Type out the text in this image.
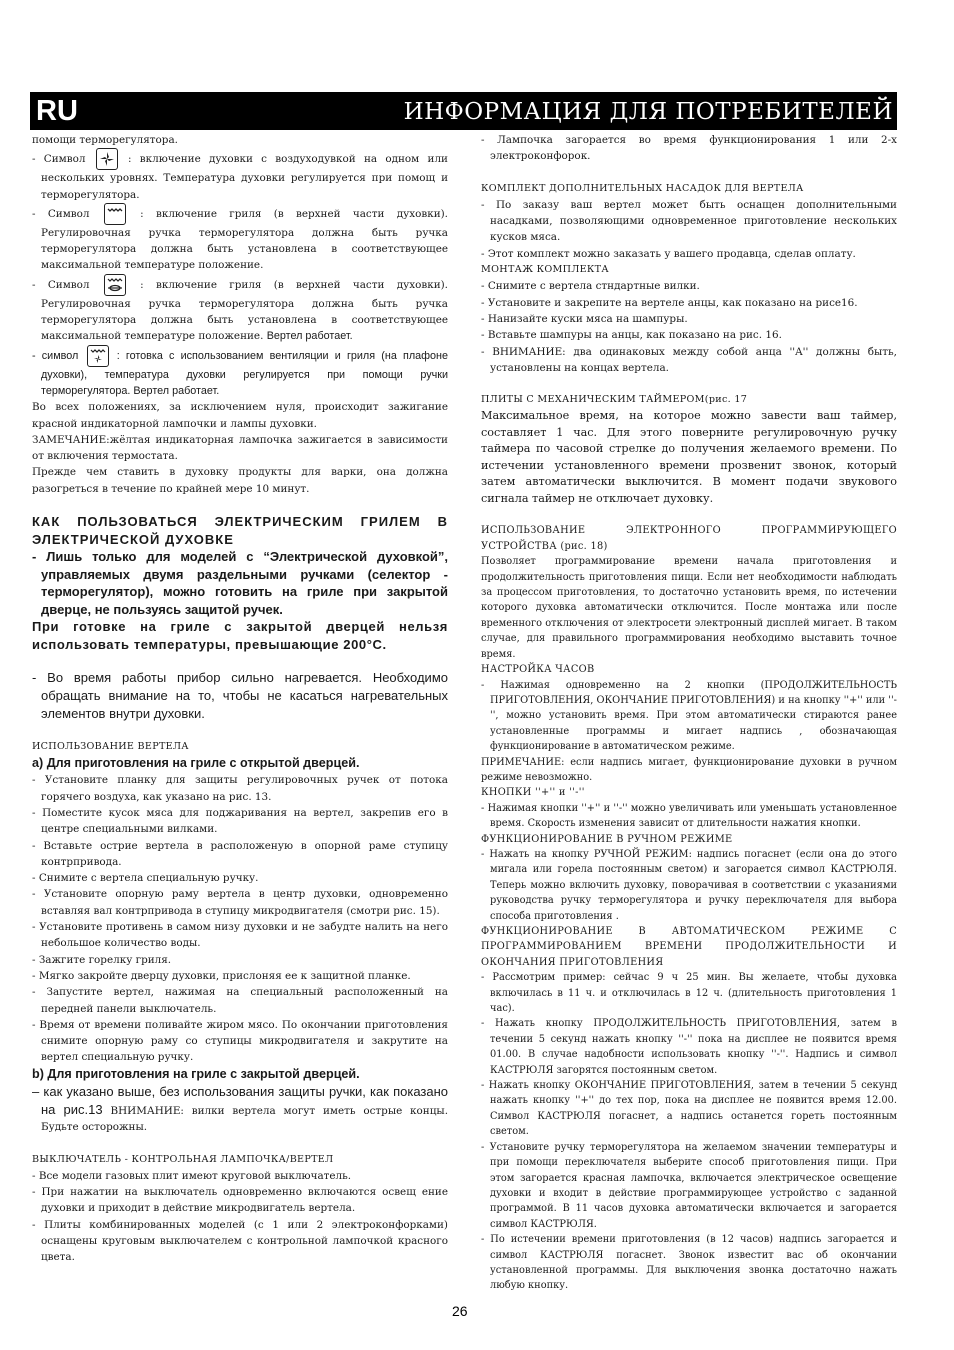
RU	ИНФОРМАЦИЯ ДЛЯ ПОТРЕБИТЕЛЕЙ

помощи терморегулятора.

- Символ	: включение духовки с воздуходувкой на одном или нескольких уровнях. Температура духовки регулируется при помощ и терморегулятора.

- Символ	: включение гриля (в верхней части духовки). Регулировочная ручка терморегулятора должна быть ручка терморегулятора должна быть установлена в соответствующее максимальной температуре положение.

- Символ	: включение гриля (в верхней части духовки). Регулировочная ручка терморегулятора должна быть ручка терморегулятора должна быть установлена в соответствующее максимальной температуре положение. Вертел работает.

- символ	: готовка с использованием вентиляции и гриля (на плафоне духовки), температура духовки регулируется при помощи ручки терморегулятора. Вертел работает.

Во всех положениях, за исключением нуля, происходит зажигание красной индикаторной лампочки и лампы духовки.

ЗАМЕЧАНИЕ:жёлтая индикаторная лампочка зажигается в зависимости от включения термостата.

Прежде чем ставить в духовку продукты для варки, она должна разогреться в течение по крайней мере 10 минут.

КАК ПОЛЬЗОВАТЬСЯ ЭЛЕКТРИЧЕСКИМ ГРИЛЕМ В ЭЛЕКТРИЧЕСКОЙ ДУХОВКЕ

- Лишь только для моделей с “Электрической духовкой”, управляемых двумя раздельными ручками (селектор - терморегулятор), можно готовить на гриле при закрытой дверце, не пользуясь защитой ручек.

При готовке на гриле с закрытой дверцей нельзя использовать температуры, превышающие 200°C.

- Во время работы прибор сильно нагревается. Необходимо обращать внимание на то, чтобы не касаться нагревательных элементов внутри духовки.

ИСПОЛЬЗОВАНИЕ ВЕРТЕЛА

a) Для приготовления на гриле с открытой дверцей.

- Установите планку для защиты регулировочных ручек от потока горячего воздуха, как указано на рис. 13.

- Поместите кусок мяса для поджаривания на вертел, закрепив его в центре специальными вилками.

- Вставьте острие вертела в расположеную в опорной раме ступицу контрпривода.

- Снимите с вертела специальную ручку.

- Установите опорную раму вертела в центр духовки, одновременно вставляя вал контрпривода в ступицу микродвигателя (смотри рис. 15).

- Установите противень в самом низу духовки и не забудте налить на него небольшое количество воды.

- Зажгите горелку гриля.

- Мягко закройте дверцу духовки, прислоняя ее к защитной планке.

- Запустите вертел, нажимая на специальный расположенный на передней панели выключатель.

- Время от времени поливайте жиром мясо. По окончании приготовления снимите опорную раму со ступицы микродвигателя и закрутите на вертел специальную ручку.

b) Для приготовления на гриле с закрытой дверцей.

– как указано выше, без использования защиты ручки, как показано на рис.13 ВНИМАНИЕ: вилки вертела могут иметь острые концы. Будьте осторожны.

ВЫКЛЮЧАТЕЛЬ - КОНТРОЛЬНАЯ ЛАМПОЧКА/ВЕРТЕЛ

- Все модели газовых плит имеют круговой выключатель.

- При нажатии на выключатель одновременно включаются освещ ение духовки и приходит в действие микродвигатель вертела.

- Плиты комбинированных моделей (с 1 или 2 электроконфорками) оснащены круговым выключателем с контрольной лампочкой красного цвета.

- Лампочка загорается во время функционирования 1 или 2-х электроконфорок.

КОМПЛЕКТ ДОПОЛНИТЕЛЬНЫХ НАСАДОК ДЛЯ ВЕРТЕЛА

- По заказу ваш вертел может быть оснащен дополнительными насадками, позволяющими одновременное приготовление нескольких кусков мяса.

- Этот комплект можно заказать у вашего продавца, сделав оплату.

МОНТАЖ КОМПЛЕКТА

- Снимите с вертела стндартные вилки.

- Установите и закрепите на вертеле анцы, как показано на рисе16.

- Нанизайте куски мяса на шампуры.

- Вставьте шампуры на анцы, как показано на рис. 16.

- ВНИМАНИЕ: два одинаковых между собой анца ''A'' должны быть, установлены на концах вертела.

ПЛИТЫ С МЕХАНИЧЕСКИМ ТАЙМЕРОМ(рис. 17

Максимальное время, на которое можно завести ваш таймер, составляет 1 час. Для этого поверните регулировочную ручку таймера по часовой стрелке до получения желаемого времени. По истечении установленного времени прозвенит звонок, который затем автоматически выключится. В момент подачи звукового сигнала таймер не отключает духовку.

ИСПОЛЬЗОВАНИЕ ЭЛЕКТРОННОГО ПРОГРАММИРУЮЩЕГО УСТРОЙСТВА (рис. 18)

Позволяет программирование времени начала приготовления и продолжительность приготовления пищи. Если нет необходимости наблюдать за процессом приготовления, то достаточно установить время, по истечении которого духовка автоматически отключится. После монтажа или после временного отключения от электросети электронный дисплей мигает. В таком случае, для правильного программирования необходимо выставить точное время.

НАСТРОЙКА ЧАСОВ

- Нажимая одновременно на 2 кнопки (ПРОДОЛЖИТЕЛЬНОСТЬ ПРИГОТОВЛЕНИЯ, ОКОНЧАНИЕ ПРИГОТОВЛЕНИЯ) и на кнопку ''+'' или ''-'', можно установить время. При этом автоматически стираются ранее установленные программы и мигает надпись , обозначающая функционирование в автоматическом режиме.

ПРИМЕЧАНИЕ: если надпись мигает, функционирование духовки в ручном режиме невозможно.

КНОПКИ ''+'' и ''-''

- Нажимая кнопки ''+'' и ''-'' можно увеличивать или уменьшать установленное время. Скорость изменения зависит от длительности нажатия кнопки.

ФУНКЦИОНИРОВАНИЕ В РУЧНОМ РЕЖИМЕ

- Нажать на кнопку РУЧНОЙ РЕЖИМ: надпись погаснет (если она до этого мигала или горела постоянным светом) и загорается символ КАСТРЮЛЯ. Теперь можно включить духовку, поворачивая в соответствии с указаниями руководства ручку терморегулятора и ручку переключателя для выбора способа приготовления .

ФУНКЦИОНИРОВАНИЕ В АВТОМАТИЧЕСКОМ РЕЖИМЕ С ПРОГРАММИРОВАНИЕМ ВРЕМЕНИ ПРОДОЛЖИТЕЛЬНОСТИ И ОКОНЧАНИЯ ПРИГОТОВЛЕНИЯ

- Рассмотрим пример: сейчас 9 ч 25 мин. Вы желаете, чтобы духовка включилась в 11 ч. и отключилась в 12 ч. (длительность приготовления 1 час).

- Нажать кнопку ПРОДОЛЖИТЕЛЬНОСТЬ ПРИГОТОВЛЕНИЯ, затем в течении 5 секунд нажать кнопку ''-'' пока на дисплее не появится время 01.00. В случае надобности использовать кнопку ''-''. Надпись и символ КАСТРЮЛЯ загорятся постоянным светом.

- Нажать кнопку ОКОНЧАНИЕ ПРИГОТОВЛЕНИЯ, затем в течении 5 секунд нажать кнопку ''+'' до тех пор, пока на дисплее не появится время 12.00. Символ КАСТРЮЛЯ погаснет, а надпись останется гореть постоянным светом.

- Установите ручку терморегулятора на желаемом значении температуры и при помощи переключателя выберите способ приготовления пищи. При этом загорается красная лампочка, включается электрическое освещение духовки и входит в действие программирующее устройство с заданной программой. В 11 часов духовка автоматически включается и загорается символ КАСТРЮЛЯ.

- По истечении времени приготовления (в 12 часов) надпись загорается и символ КАСТРЮЛЯ погаснет. Звонок известит вас об окончании установленной программы. Для выключения звонка достаточно нажать любую кнопку.

26
